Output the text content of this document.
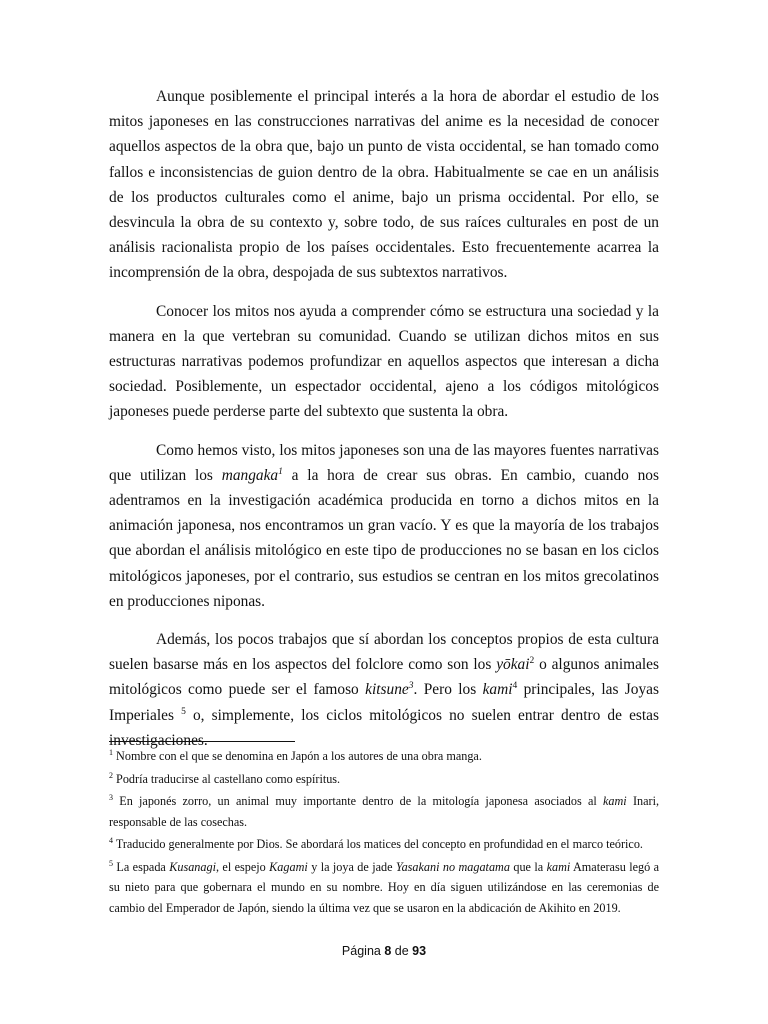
Aunque posiblemente el principal interés a la hora de abordar el estudio de los mitos japoneses en las construcciones narrativas del anime es la necesidad de conocer aquellos aspectos de la obra que, bajo un punto de vista occidental, se han tomado como fallos e inconsistencias de guion dentro de la obra. Habitualmente se cae en un análisis de los productos culturales como el anime, bajo un prisma occidental. Por ello, se desvincula la obra de su contexto y, sobre todo, de sus raíces culturales en post de un análisis racionalista propio de los países occidentales. Esto frecuentemente acarrea la incomprensión de la obra, despojada de sus subtextos narrativos.

Conocer los mitos nos ayuda a comprender cómo se estructura una sociedad y la manera en la que vertebran su comunidad. Cuando se utilizan dichos mitos en sus estructuras narrativas podemos profundizar en aquellos aspectos que interesan a dicha sociedad. Posiblemente, un espectador occidental, ajeno a los códigos mitológicos japoneses puede perderse parte del subtexto que sustenta la obra.

Como hemos visto, los mitos japoneses son una de las mayores fuentes narrativas que utilizan los mangaka$^1$ a la hora de crear sus obras. En cambio, cuando nos adentramos en la investigación académica producida en torno a dichos mitos en la animación japonesa, nos encontramos un gran vacío. Y es que la mayoría de los trabajos que abordan el análisis mitológico en este tipo de producciones no se basan en los ciclos mitológicos japoneses, por el contrario, sus estudios se centran en los mitos grecolatinos en producciones niponas.

Además, los pocos trabajos que sí abordan los conceptos propios de esta cultura suelen basarse más en los aspectos del folclore como son los yōkai$^2$ o algunos animales mitológicos como puede ser el famoso kitsune$^3$. Pero los kami$^4$ principales, las Joyas Imperiales $^5$ o, simplemente, los ciclos mitológicos no suelen entrar dentro de estas investigaciones.

$^1$ Nombre con el que se denomina en Japón a los autores de una obra manga.
$^2$ Podría traducirse al castellano como espíritus.
$^3$ En japonés zorro, un animal muy importante dentro de la mitología japonesa asociados al kami Inari, responsable de las cosechas.
$^4$ Traducido generalmente por Dios. Se abordará los matices del concepto en profundidad en el marco teórico.
$^5$ La espada Kusanagi, el espejo Kagami y la joya de jade Yasakani no magatama que la kami Amaterasu legó a su nieto para que gobernara el mundo en su nombre. Hoy en día siguen utilizándose en las ceremonias de cambio del Emperador de Japón, siendo la última vez que se usaron en la abdicación de Akihito en 2019.
Página 8 de 93
